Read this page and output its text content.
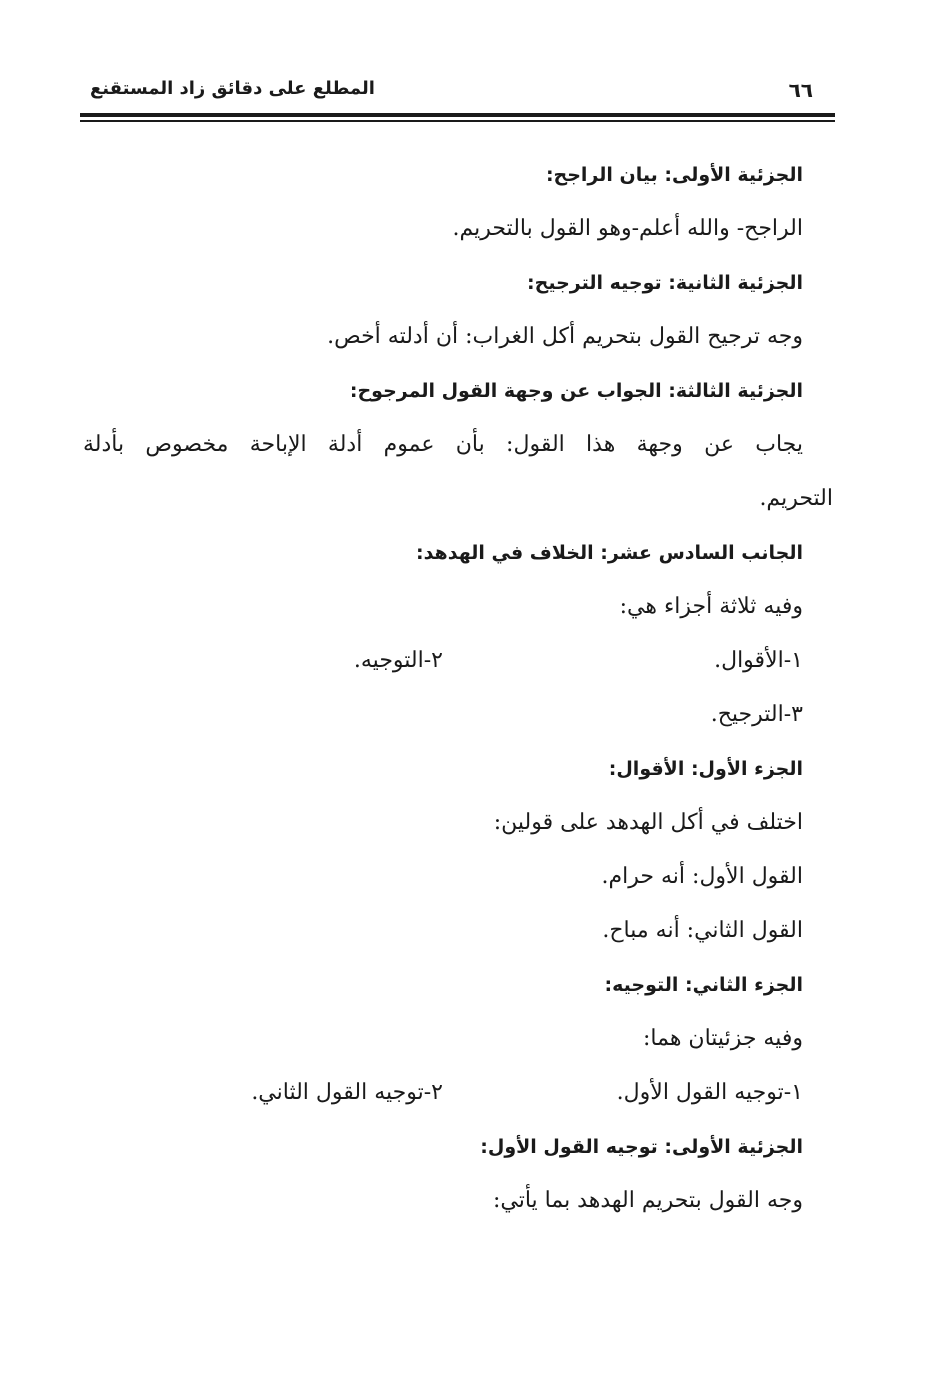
٦٦
المطلع على دقائق زاد المستقنع
الجزئية الأولى: بيان الراجح:
الراجح- والله أعلم-وهو القول بالتحريم.
الجزئية الثانية: توجيه الترجيح:
وجه ترجيح القول بتحريم أكل الغراب: أن أدلته أخص.
الجزئية الثالثة: الجواب عن وجهة القول المرجوح:
يجاب عن وجهة هذا القول: بأن عموم أدلة الإباحة مخصوص بأدلة
التحريم.
الجانب السادس عشر: الخلاف في الهدهد:
وفيه ثلاثة أجزاء هي:
١-الأقوال.
٢-التوجيه.
٣-الترجيح.
الجزء الأول: الأقوال:
اختلف في أكل الهدهد على قولين:
القول الأول: أنه حرام.
القول الثاني: أنه مباح.
الجزء الثاني: التوجيه:
وفيه جزئيتان هما:
١-توجيه القول الأول.
٢-توجيه القول الثاني.
الجزئية الأولى: توجيه القول الأول:
وجه القول بتحريم الهدهد بما يأتي:
